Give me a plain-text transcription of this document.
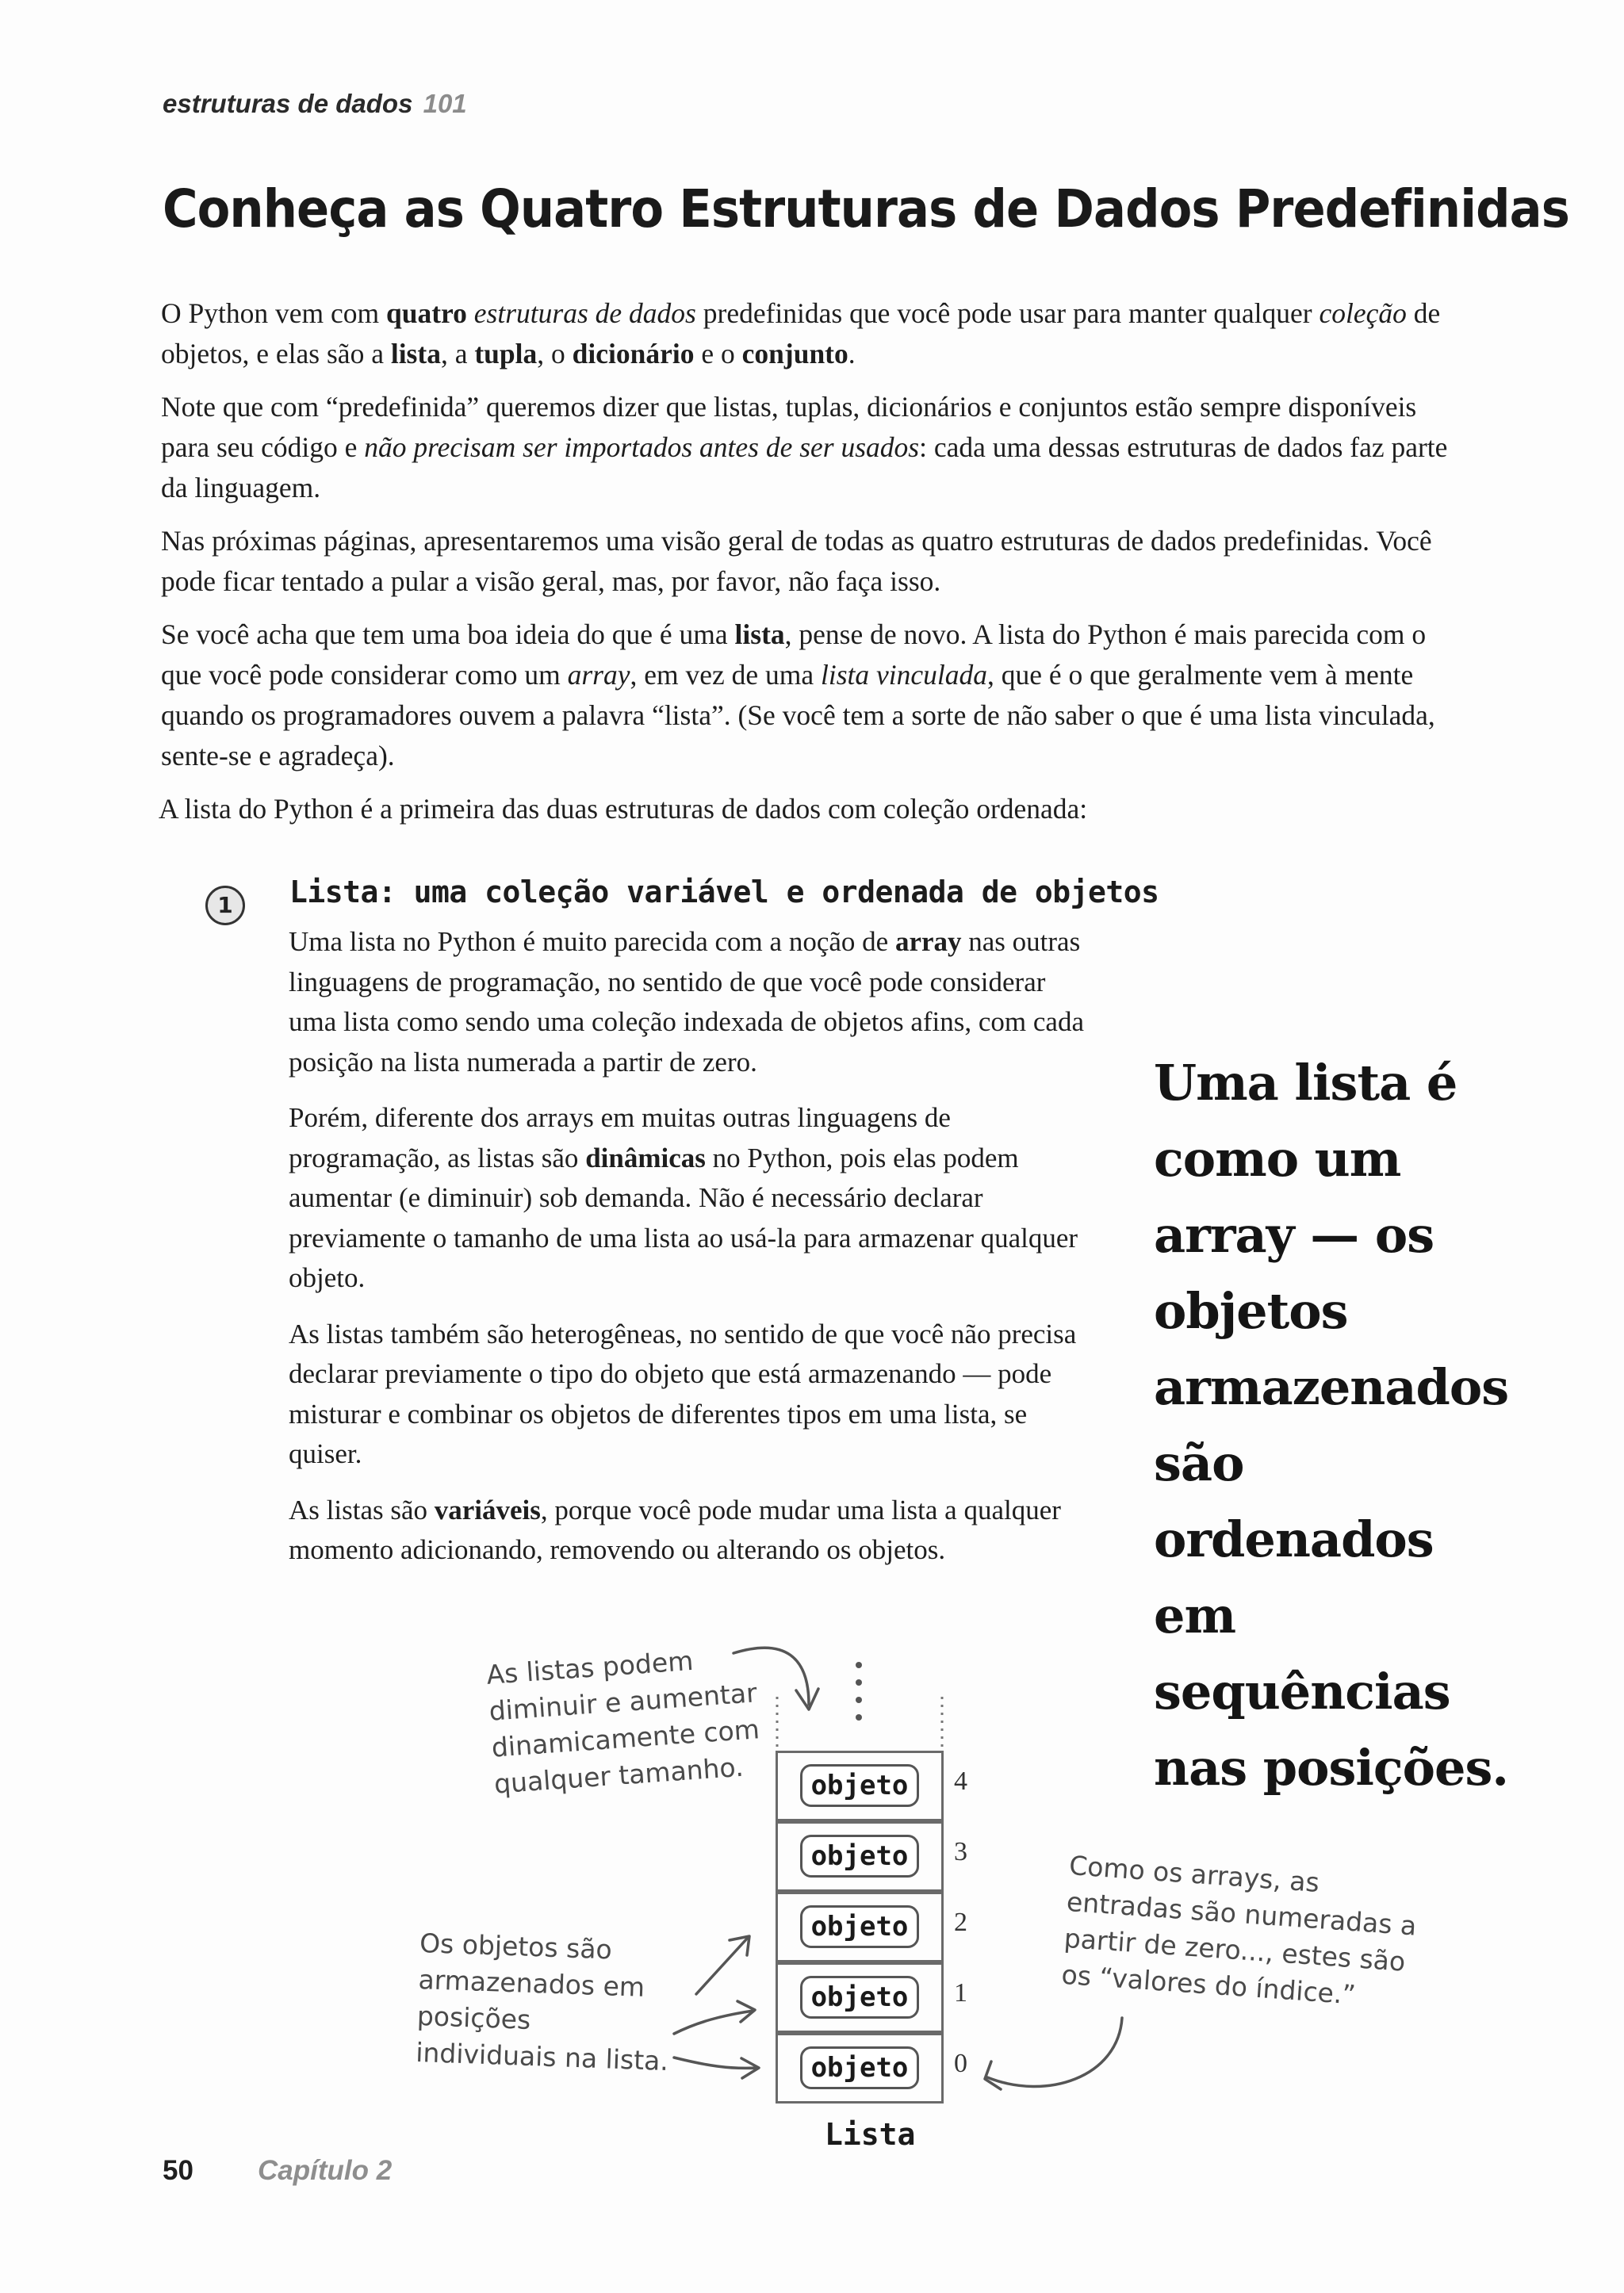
estruturas de dados 101
Conheça as Quatro Estruturas de Dados Predefinidas

O Python vem com quatro estruturas de dados predefinidas que você pode usar para manter qualquer coleção de objetos, e elas são a lista, a tupla, o dicionário e o conjunto.

Note que com “predefinida” queremos dizer que listas, tuplas, dicionários e conjuntos estão sempre disponíveis para seu código e não precisam ser importados antes de ser usados: cada uma dessas estruturas de dados faz parte da linguagem.

Nas próximas páginas, apresentaremos uma visão geral de todas as quatro estruturas de dados predefinidas. Você pode ficar tentado a pular a visão geral, mas, por favor, não faça isso.

Se você acha que tem uma boa ideia do que é uma lista, pense de novo. A lista do Python é mais parecida com o que você pode considerar como um array, em vez de uma lista vinculada, que é o que geralmente vem à mente quando os programadores ouvem a palavra “lista”. (Se você tem a sorte de não saber o que é uma lista vinculada, sente-se e agradeça).

A lista do Python é a primeira das duas estruturas de dados com coleção ordenada:

1	Lista: uma coleção variável e ordenada de objetos

Uma lista no Python é muito parecida com a noção de array nas outras linguagens de programação, no sentido de que você pode considerar uma lista como sendo uma coleção indexada de objetos afins, com cada posição na lista numerada a partir de zero.

Porém, diferente dos arrays em muitas outras linguagens de programação, as listas são dinâmicas no Python, pois elas podem aumentar (e diminuir) sob demanda. Não é necessário declarar previamente o tamanho de uma lista ao usá-la para armazenar qualquer objeto.

As listas também são heterogêneas, no sentido de que você não precisa declarar previamente o tipo do objeto que está armazenando — pode misturar e combinar os objetos de diferentes tipos em uma lista, se quiser.

As listas são variáveis, porque você pode mudar uma lista a qualquer momento adicionando, removendo ou alterando os objetos.

Uma lista é como um array — os objetos armazenados são ordenados em sequências nas posições.
As listas podem diminuir e aumentar dinamicamente com qualquer tamanho.
Como os arrays, as entradas são numeradas a partir de zero..., estes são os “valores do índice.”
Os objetos são armazenados em posições individuais na lista.
objeto
objeto
objeto
objeto
objeto
4
3
2
1
0
Lista
50 Capítulo 2
